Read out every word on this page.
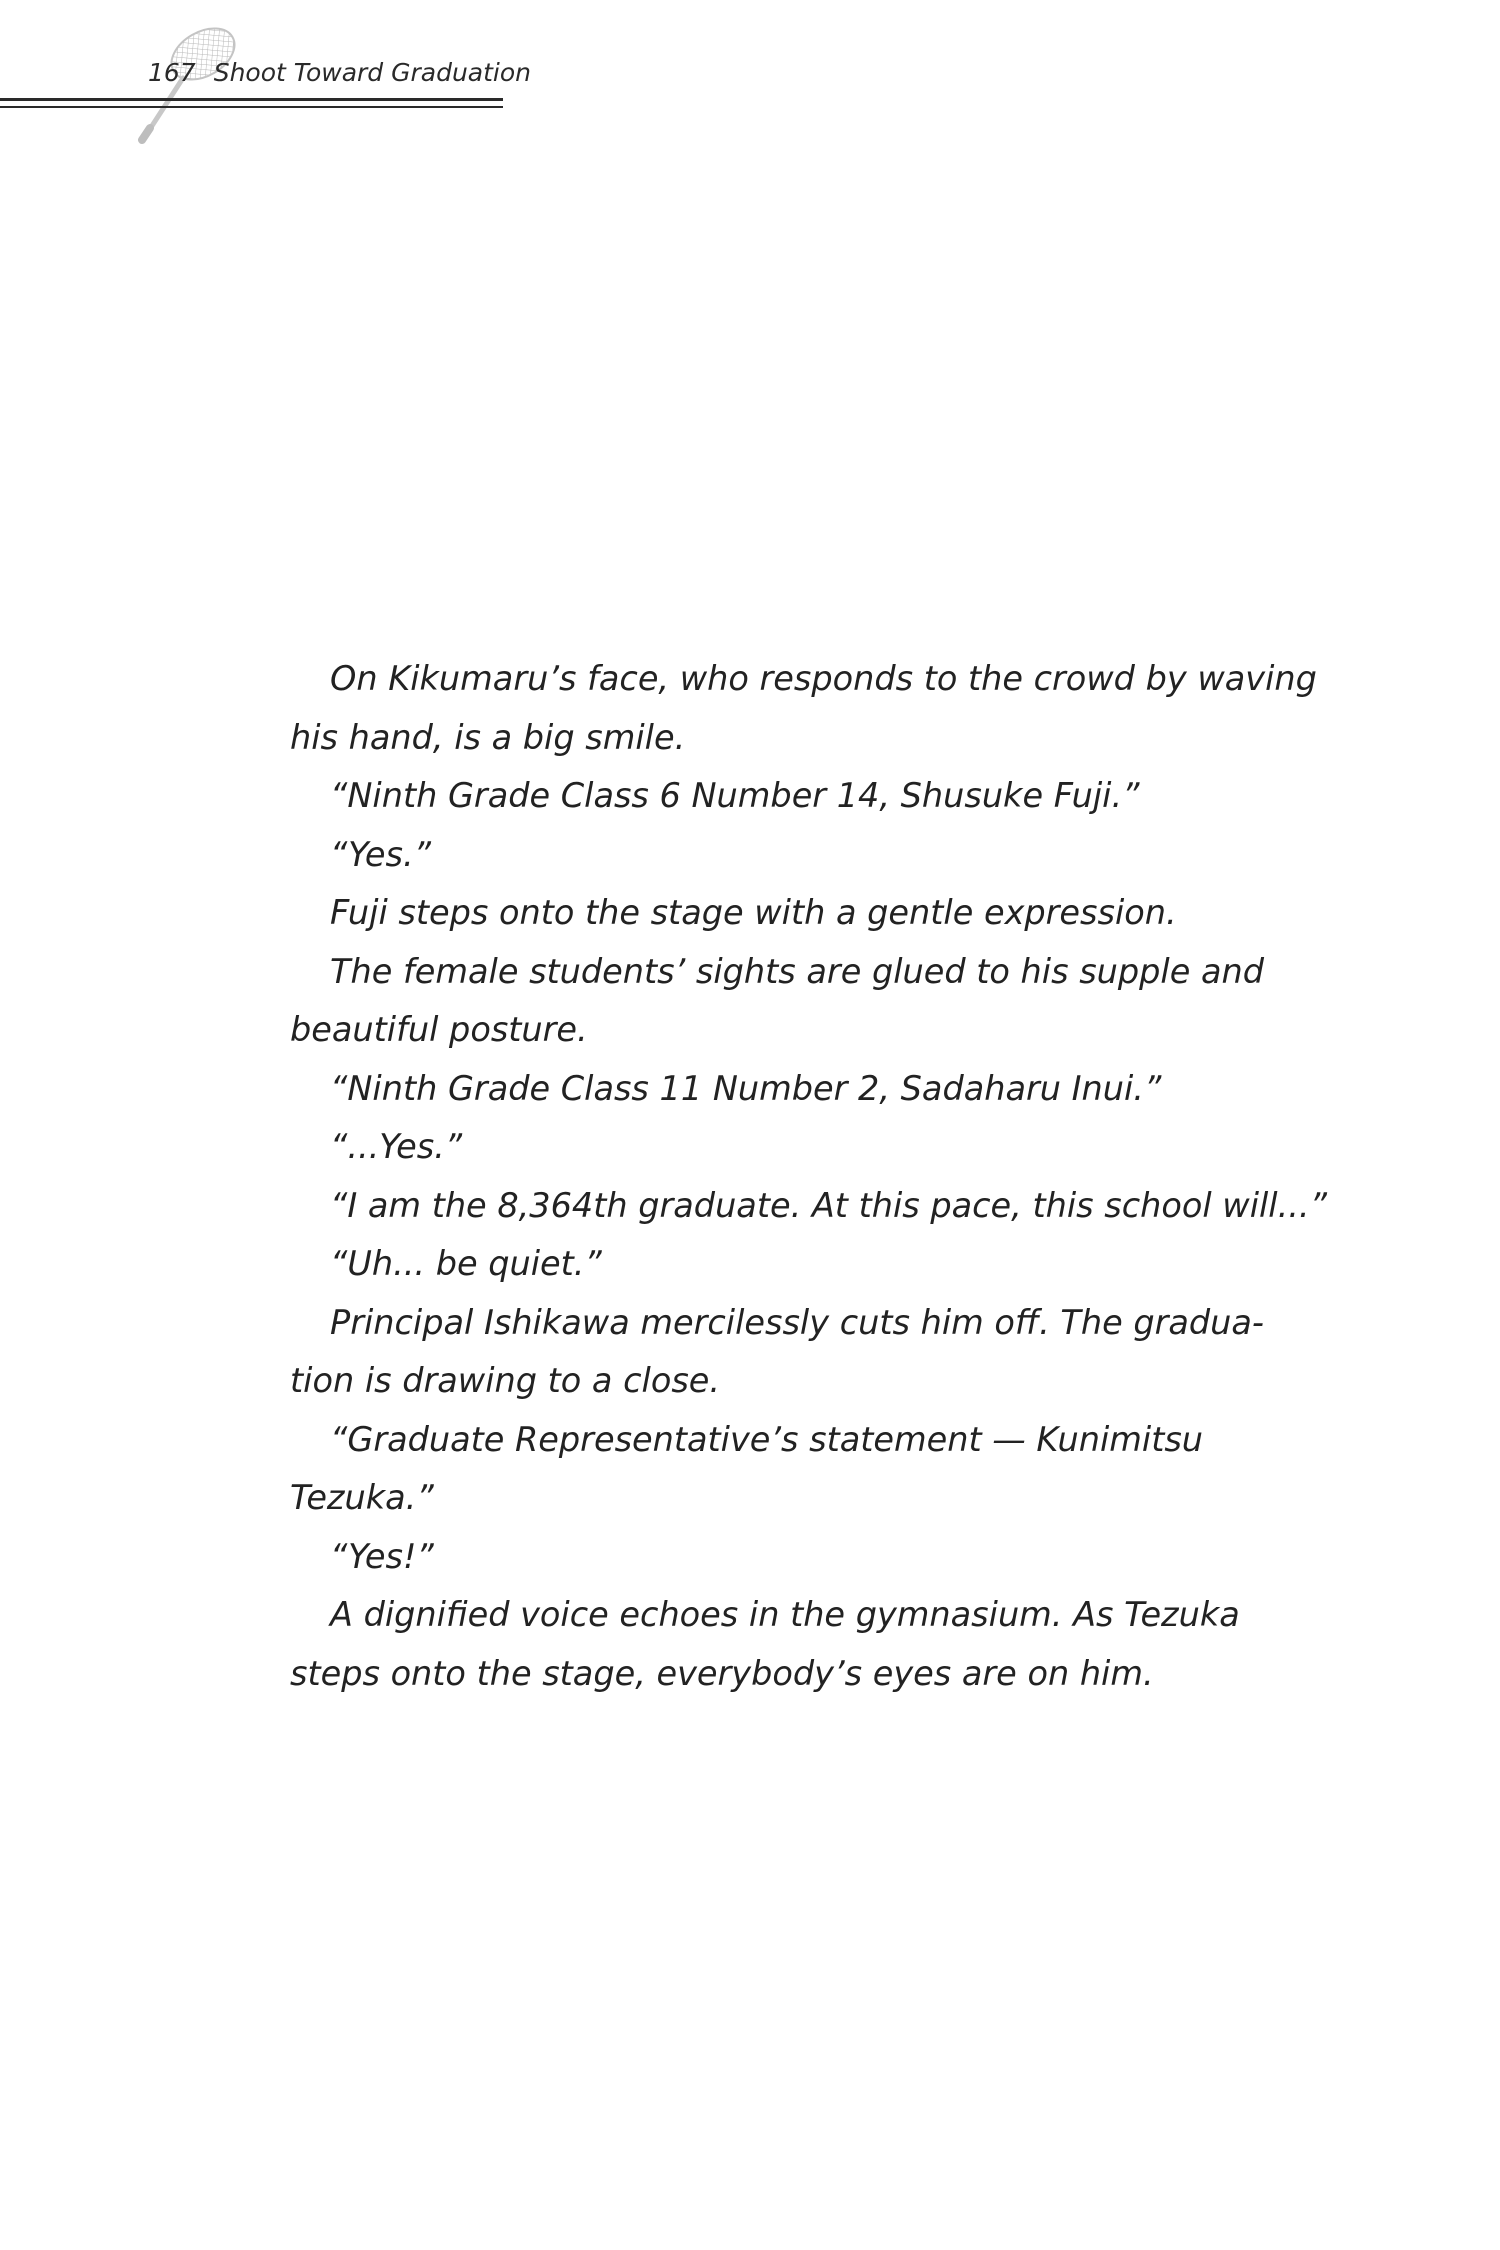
167 Shoot Toward Graduation

On Kikumaru’s face, who responds to the crowd by waving
his hand, is a big smile.

“Ninth Grade Class 6 Number 14, Shusuke Fuji.”

“Yes.”

Fuji steps onto the stage with a gentle expression.

The female students’ sights are glued to his supple and
beautiful posture.

“Ninth Grade Class 11 Number 2, Sadaharu Inui.”

“...Yes.”

“I am the 8,364th graduate. At this pace, this school will...”

“Uh... be quiet.”

Principal Ishikawa mercilessly cuts him off. The gradua-
tion is drawing to a close.

“Graduate Representative’s statement — Kunimitsu
Tezuka.”

“Yes!”

A dignified voice echoes in the gymnasium. As Tezuka
steps onto the stage, everybody’s eyes are on him.
